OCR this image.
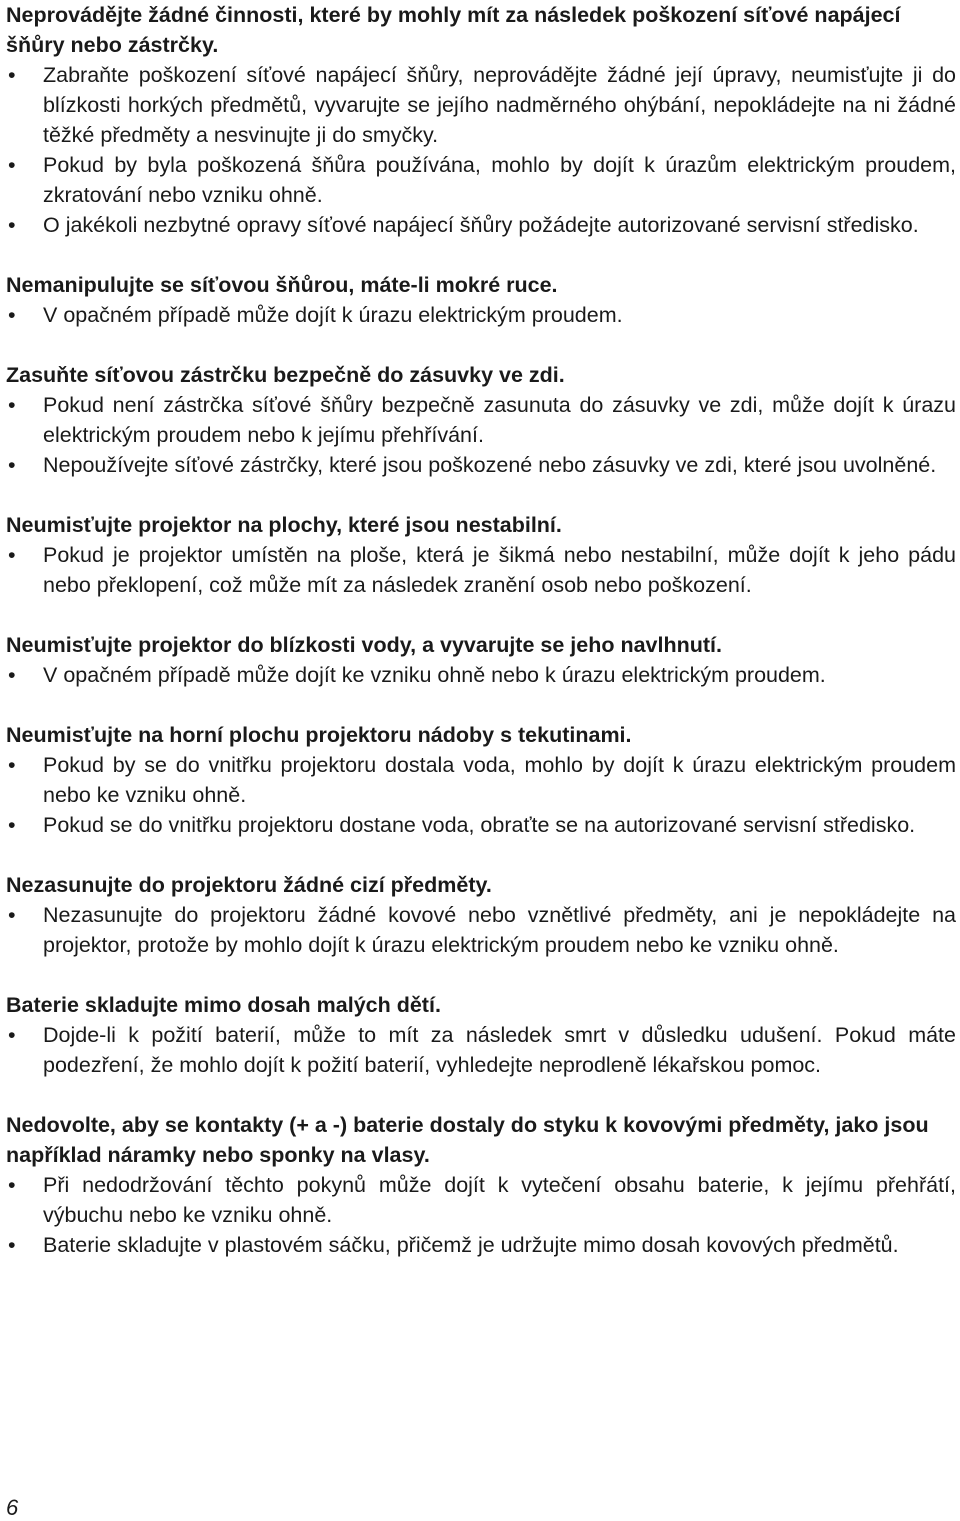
Neprovádějte žádné činnosti, které by mohly mít za následek poškození síťové napájecí šňůry nebo zástrčky.

• Zabraňte poškození síťové napájecí šňůry, neprovádějte žádné její úpravy, neumisťujte ji do blízkosti horkých předmětů, vyvarujte se jejího nadměrného ohýbání, nepokládejte na ni žádné těžké předměty a nesvinujte ji do smyčky.
• Pokud by byla poškozená šňůra používána, mohlo by dojít k úrazům elektrickým proudem, zkratování nebo vzniku ohně.
• O jakékoli nezbytné opravy síťové napájecí šňůry požádejte autorizované servisní středisko.

Nemanipulujte se síťovou šňůrou, máte-li mokré ruce.

• V opačném případě může dojít k úrazu elektrickým proudem.

Zasuňte síťovou zástrčku bezpečně do zásuvky ve zdi.

• Pokud není zástrčka síťové šňůry bezpečně zasunuta do zásuvky ve zdi, může dojít k úrazu elektrickým proudem nebo k jejímu přehřívání.
• Nepoužívejte síťové zástrčky, které jsou poškozené nebo zásuvky ve zdi, které jsou uvolněné.

Neumisťujte projektor na plochy, které jsou nestabilní.

• Pokud je projektor umístěn na ploše, která je šikmá nebo nestabilní, může dojít k jeho pádu nebo překlopení, což může mít za následek zranění osob nebo poškození.

Neumisťujte projektor do blízkosti vody, a vyvarujte se jeho navlhnutí.

• V opačném případě může dojít ke vzniku ohně nebo k úrazu elektrickým proudem.

Neumisťujte na horní plochu projektoru nádoby s tekutinami.

• Pokud by se do vnitřku projektoru dostala voda, mohlo by dojít k úrazu elektrickým proudem nebo ke vzniku ohně.
• Pokud se do vnitřku projektoru dostane voda, obraťte se na autorizované servisní středisko.

Nezasunujte do projektoru žádné cizí předměty.

• Nezasunujte do projektoru žádné kovové nebo vznětlivé předměty, ani je nepokládejte na projektor, protože by mohlo dojít k úrazu elektrickým proudem nebo ke vzniku ohně.

Baterie skladujte mimo dosah malých dětí.

• Dojde-li k požití baterií, může to mít za následek smrt v důsledku udušení. Pokud máte podezření, že mohlo dojít k požití baterií, vyhledejte neprodleně lékařskou pomoc.

Nedovolte, aby se kontakty (+ a -) baterie dostaly do styku k kovovými předměty, jako jsou například náramky nebo sponky na vlasy.

• Při nedodržování těchto pokynů může dojít k vytečení obsahu baterie, k jejímu přehřátí, výbuchu nebo ke vzniku ohně.
• Baterie skladujte v plastovém sáčku, přičemž je udržujte mimo dosah kovových předmětů.
6
